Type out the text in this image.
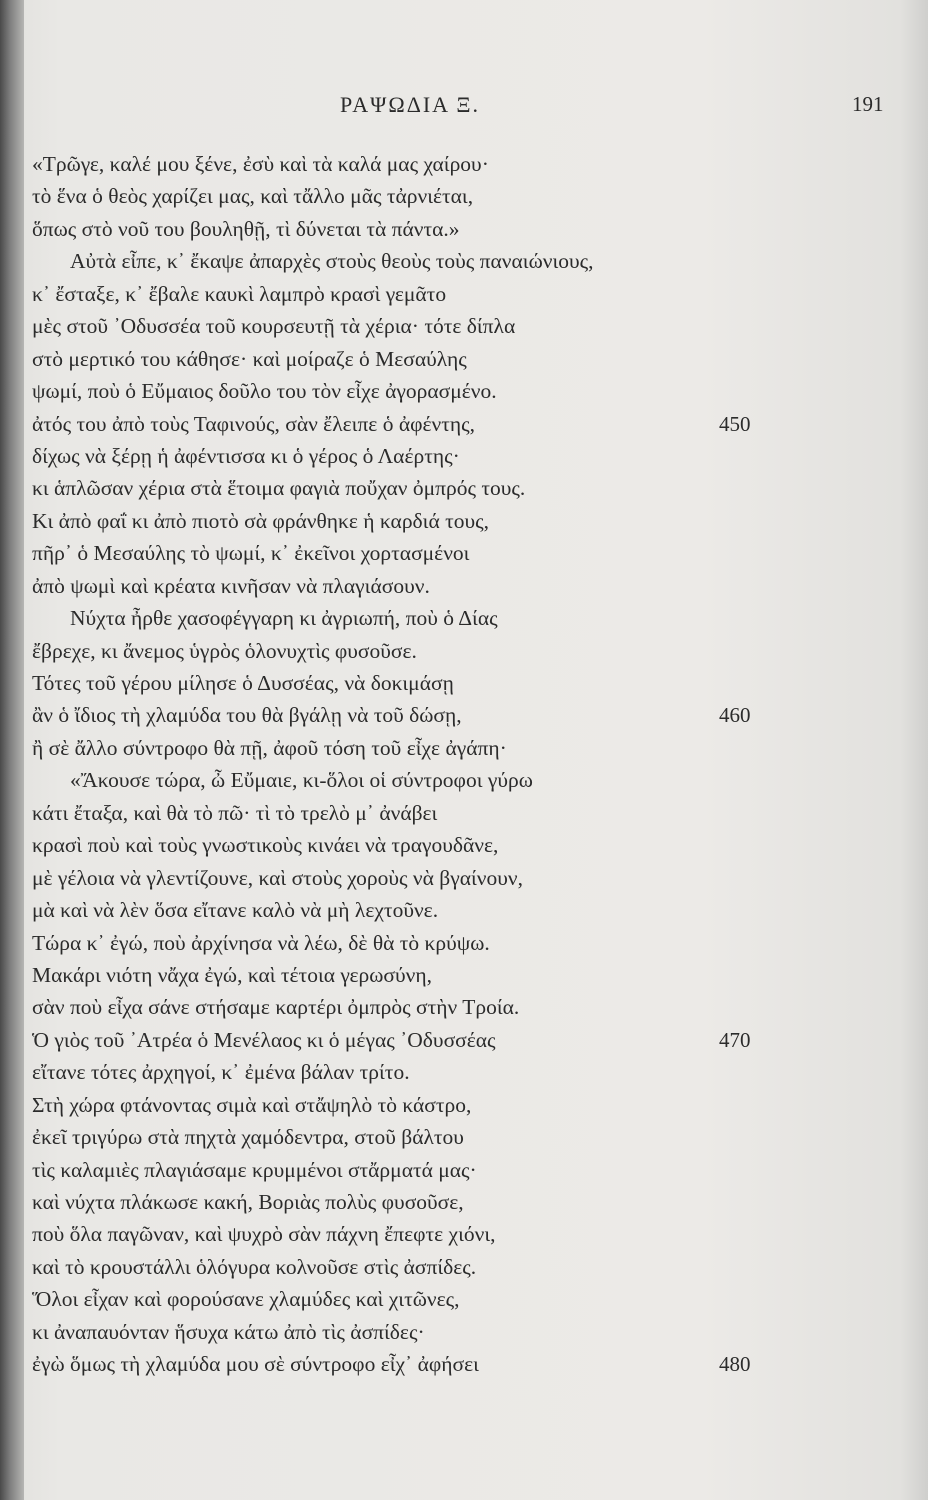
ΡΑΨΩΔΙΑ Ξ.	191
«Τρῶγε, καλέ μου ξένε, ἐσὺ καὶ τὰ καλά μας χαίρου·
τὸ ἕνα ὁ θεὸς χαρίζει μας, καὶ τἄλλο μᾶς τἀρνιέται,
ὅπως στὸ νοῦ του βουληθῇ, τὶ δύνεται τὰ πάντα.»
Αὐτὰ εἶπε, κ᾽ ἔκαψε ἀπαρχὲς στοὺς θεοὺς τοὺς παναιώνιους,
κ᾽ ἔσταξε, κ᾽ ἔβαλε καυκὶ λαμπρὸ κρασὶ γεμᾶτο
μὲς στοῦ ᾽Οδυσσέα τοῦ κουρσευτῇ τὰ χέρια· τότε δίπλα
στὸ μερτικό του κάθησε· καὶ μοίραζε ὁ Μεσαύλης
ψωμί, ποὺ ὁ Εὔμαιος δοῦλο του τὸν εἶχε ἀγορασμένο.
ἀτός του ἀπὸ τοὺς Ταφινούς, σὰν ἔλειπε ὁ ἀφέντης,	450
δίχως νὰ ξέρῃ ἡ ἀφέντισσα κι ὁ γέρος ὁ Λαέρτης·
κι ἁπλῶσαν χέρια στὰ ἕτοιμα φαγιὰ ποὔχαν ὀμπρός τους.
Κι ἀπὸ φαΐ κι ἀπὸ πιοτὸ σὰ φράνθηκε ἡ καρδιά τους,
πῆρ᾽ ὁ Μεσαύλης τὸ ψωμί, κ᾽ ἐκεῖνοι χορτασμένοι
ἀπὸ ψωμὶ καὶ κρέατα κινῆσαν νὰ πλαγιάσουν.
Νύχτα ἦρθε χασοφέγγαρη κι ἀγριωπή, ποὺ ὁ Δίας
ἔβρεχε, κι ἄνεμος ὑγρὸς ὁλονυχτὶς φυσοῦσε.
Τότες τοῦ γέρου μίλησε ὁ Δυσσέας, νὰ δοκιμάσῃ
ἂν ὁ ἴδιος τὴ χλαμύδα του θὰ βγάλῃ νὰ τοῦ δώσῃ,	460
ἢ σὲ ἄλλο σύντροφο θὰ πῇ, ἀφοῦ τόση τοῦ εἶχε ἀγάπη·
«Ἄκουσε τώρα, ὦ Εὔμαιε, κι-ὅλοι οἱ σύντροφοι γύρω
κάτι ἔταξα, καὶ θὰ τὸ πῶ· τὶ τὸ τρελὸ μ᾽ ἀνάβει
κρασὶ ποὺ καὶ τοὺς γνωστικοὺς κινάει νὰ τραγουδᾶνε,
μὲ γέλοια νὰ γλεντίζουνε, καὶ στοὺς χοροὺς νὰ βγαίνουν,
μὰ καὶ νὰ λὲν ὅσα εἴτανε καλὸ νὰ μὴ λεχτοῦνε.
Τώρα κ᾽ ἐγώ, ποὺ ἀρχίνησα νὰ λέω, δὲ θὰ τὸ κρύψω.
Μακάρι νιότη νἄχα ἐγώ, καὶ τέτοια γερωσύνη,
σὰν ποὺ εἶχα σάνε στήσαμε καρτέρι ὀμπρὸς στὴν Τροία.
Ὁ γιὸς τοῦ ᾽Ατρέα ὁ Μενέλαος κι ὁ μέγας ᾽Οδυσσέας	470
εἴτανε τότες ἀρχηγοί, κ᾽ ἐμένα βάλαν τρίτο.
Στὴ χώρα φτάνοντας σιμὰ καὶ στἄψηλὸ τὸ κάστρο,
ἐκεῖ τριγύρω στὰ πηχτὰ χαμόδεντρα, στοῦ βάλτου
τὶς καλαμιὲς πλαγιάσαμε κρυμμένοι στἄρματά μας·
καὶ νύχτα πλάκωσε κακή, Βοριὰς πολὺς φυσοῦσε,
ποὺ ὅλα παγῶναν, καὶ ψυχρὸ σὰν πάχνη ἔπεφτε χιόνι,
καὶ τὸ κρουστάλλι ὁλόγυρα κολνοῦσε στὶς ἀσπίδες.
Ὅλοι εἶχαν καὶ φορούσανε χλαμύδες καὶ χιτῶνες,
κι ἀναπαυόνταν ἥσυχα κάτω ἀπὸ τὶς ἀσπίδες·
ἐγὼ ὅμως τὴ χλαμύδα μου σὲ σύντροφο εἶχ᾽ ἀφήσει	480
